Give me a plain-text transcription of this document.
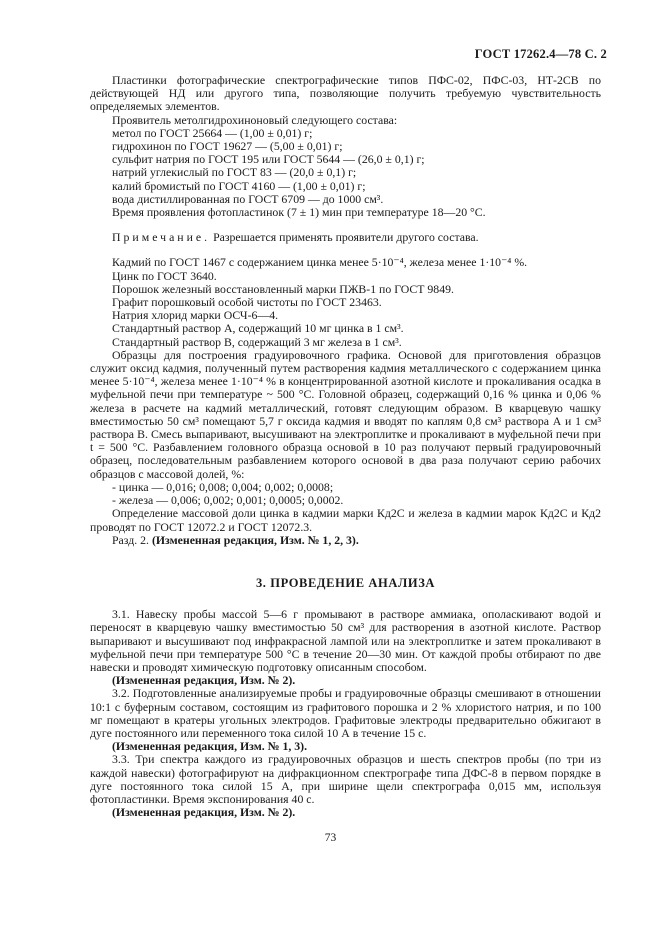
ГОСТ 17262.4—78 С. 2

Пластинки фотографические спектрографические типов ПФС-02, ПФС-03, НТ-2СВ по действующей НД или другого типа, позволяющие получить требуемую чувствительность определяемых элементов.

Проявитель метолгидрохиноновый следующего состава:

метол по ГОСТ 25664 — (1,00 ± 0,01) г;

гидрохинон по ГОСТ 19627 — (5,00 ± 0,01) г;

сульфит натрия по ГОСТ 195 или ГОСТ 5644 — (26,0 ± 0,1) г;

натрий углекислый по ГОСТ 83 — (20,0 ± 0,1) г;

калий бромистый по ГОСТ 4160 — (1,00 ± 0,01) г;

вода дистиллированная по ГОСТ 6709 — до 1000 см³.

Время проявления фотопластинок (7 ± 1) мин при температуре 18—20 °С.

Примечание. Разрешается применять проявители другого состава.

Кадмий по ГОСТ 1467 с содержанием цинка менее 5·10⁻⁴, железа менее 1·10⁻⁴ %.

Цинк по ГОСТ 3640.

Порошок железный восстановленный марки ПЖВ-1 по ГОСТ 9849.

Графит порошковый особой чистоты по ГОСТ 23463.

Натрия хлорид марки ОСЧ-6—4.

Стандартный раствор А, содержащий 10 мг цинка в 1 см³.

Стандартный раствор В, содержащий 3 мг железа в 1 см³.

Образцы для построения градуировочного графика. Основой для приготовления образцов служит оксид кадмия, полученный путем растворения кадмия металлического с содержанием цинка менее 5·10⁻⁴, железа менее 1·10⁻⁴ % в концентрированной азотной кислоте и прокаливания осадка в муфельной печи при температуре ~ 500 °С. Головной образец, содержащий 0,16 % цинка и 0,06 % железа в расчете на кадмий металлический, готовят следующим образом. В кварцевую чашку вместимостью 50 см³ помещают 5,7 г оксида кадмия и вводят по каплям 0,8 см³ раствора А и 1 см³ раствора В. Смесь выпаривают, высушивают на электроплитке и прокаливают в муфельной печи при t = 500 °С. Разбавлением головного образца основой в 10 раз получают первый градуировочный образец, последовательным разбавлением которого основой в два раза получают серию рабочих образцов с массовой долей, %:

- цинка — 0,016; 0,008; 0,004; 0,002; 0,0008;

- железа — 0,006; 0,002; 0,001; 0,0005; 0,0002.

Определение массовой доли цинка в кадмии марки Кд2С и железа в кадмии марок Кд2С и Кд2 проводят по ГОСТ 12072.2 и ГОСТ 12072.3.

Разд. 2. (Измененная редакция, Изм. № 1, 2, 3).

3. ПРОВЕДЕНИЕ АНАЛИЗА

3.1. Навеску пробы массой 5—6 г промывают в растворе аммиака, ополаскивают водой и переносят в кварцевую чашку вместимостью 50 см³ для растворения в азотной кислоте. Раствор выпаривают и высушивают под инфракрасной лампой или на электроплитке и затем прокаливают в муфельной печи при температуре 500 °С в течение 20—30 мин. От каждой пробы отбирают по две навески и проводят химическую подготовку описанным способом.

(Измененная редакция, Изм. № 2).

3.2. Подготовленные анализируемые пробы и градуировочные образцы смешивают в отношении 10:1 с буферным составом, состоящим из графитового порошка и 2 % хлористого натрия, и по 100 мг помещают в кратеры угольных электродов. Графитовые электроды предварительно обжигают в дуге постоянного или переменного тока силой 10 А в течение 15 с.

(Измененная редакция, Изм. № 1, 3).

3.3. Три спектра каждого из градуировочных образцов и шесть спектров пробы (по три из каждой навески) фотографируют на дифракционном спектрографе типа ДФС-8 в первом порядке в дуге постоянного тока силой 15 А, при ширине щели спектрографа 0,015 мм, используя фотопластинки. Время экспонирования 40 с.

(Измененная редакция, Изм. № 2).

73
